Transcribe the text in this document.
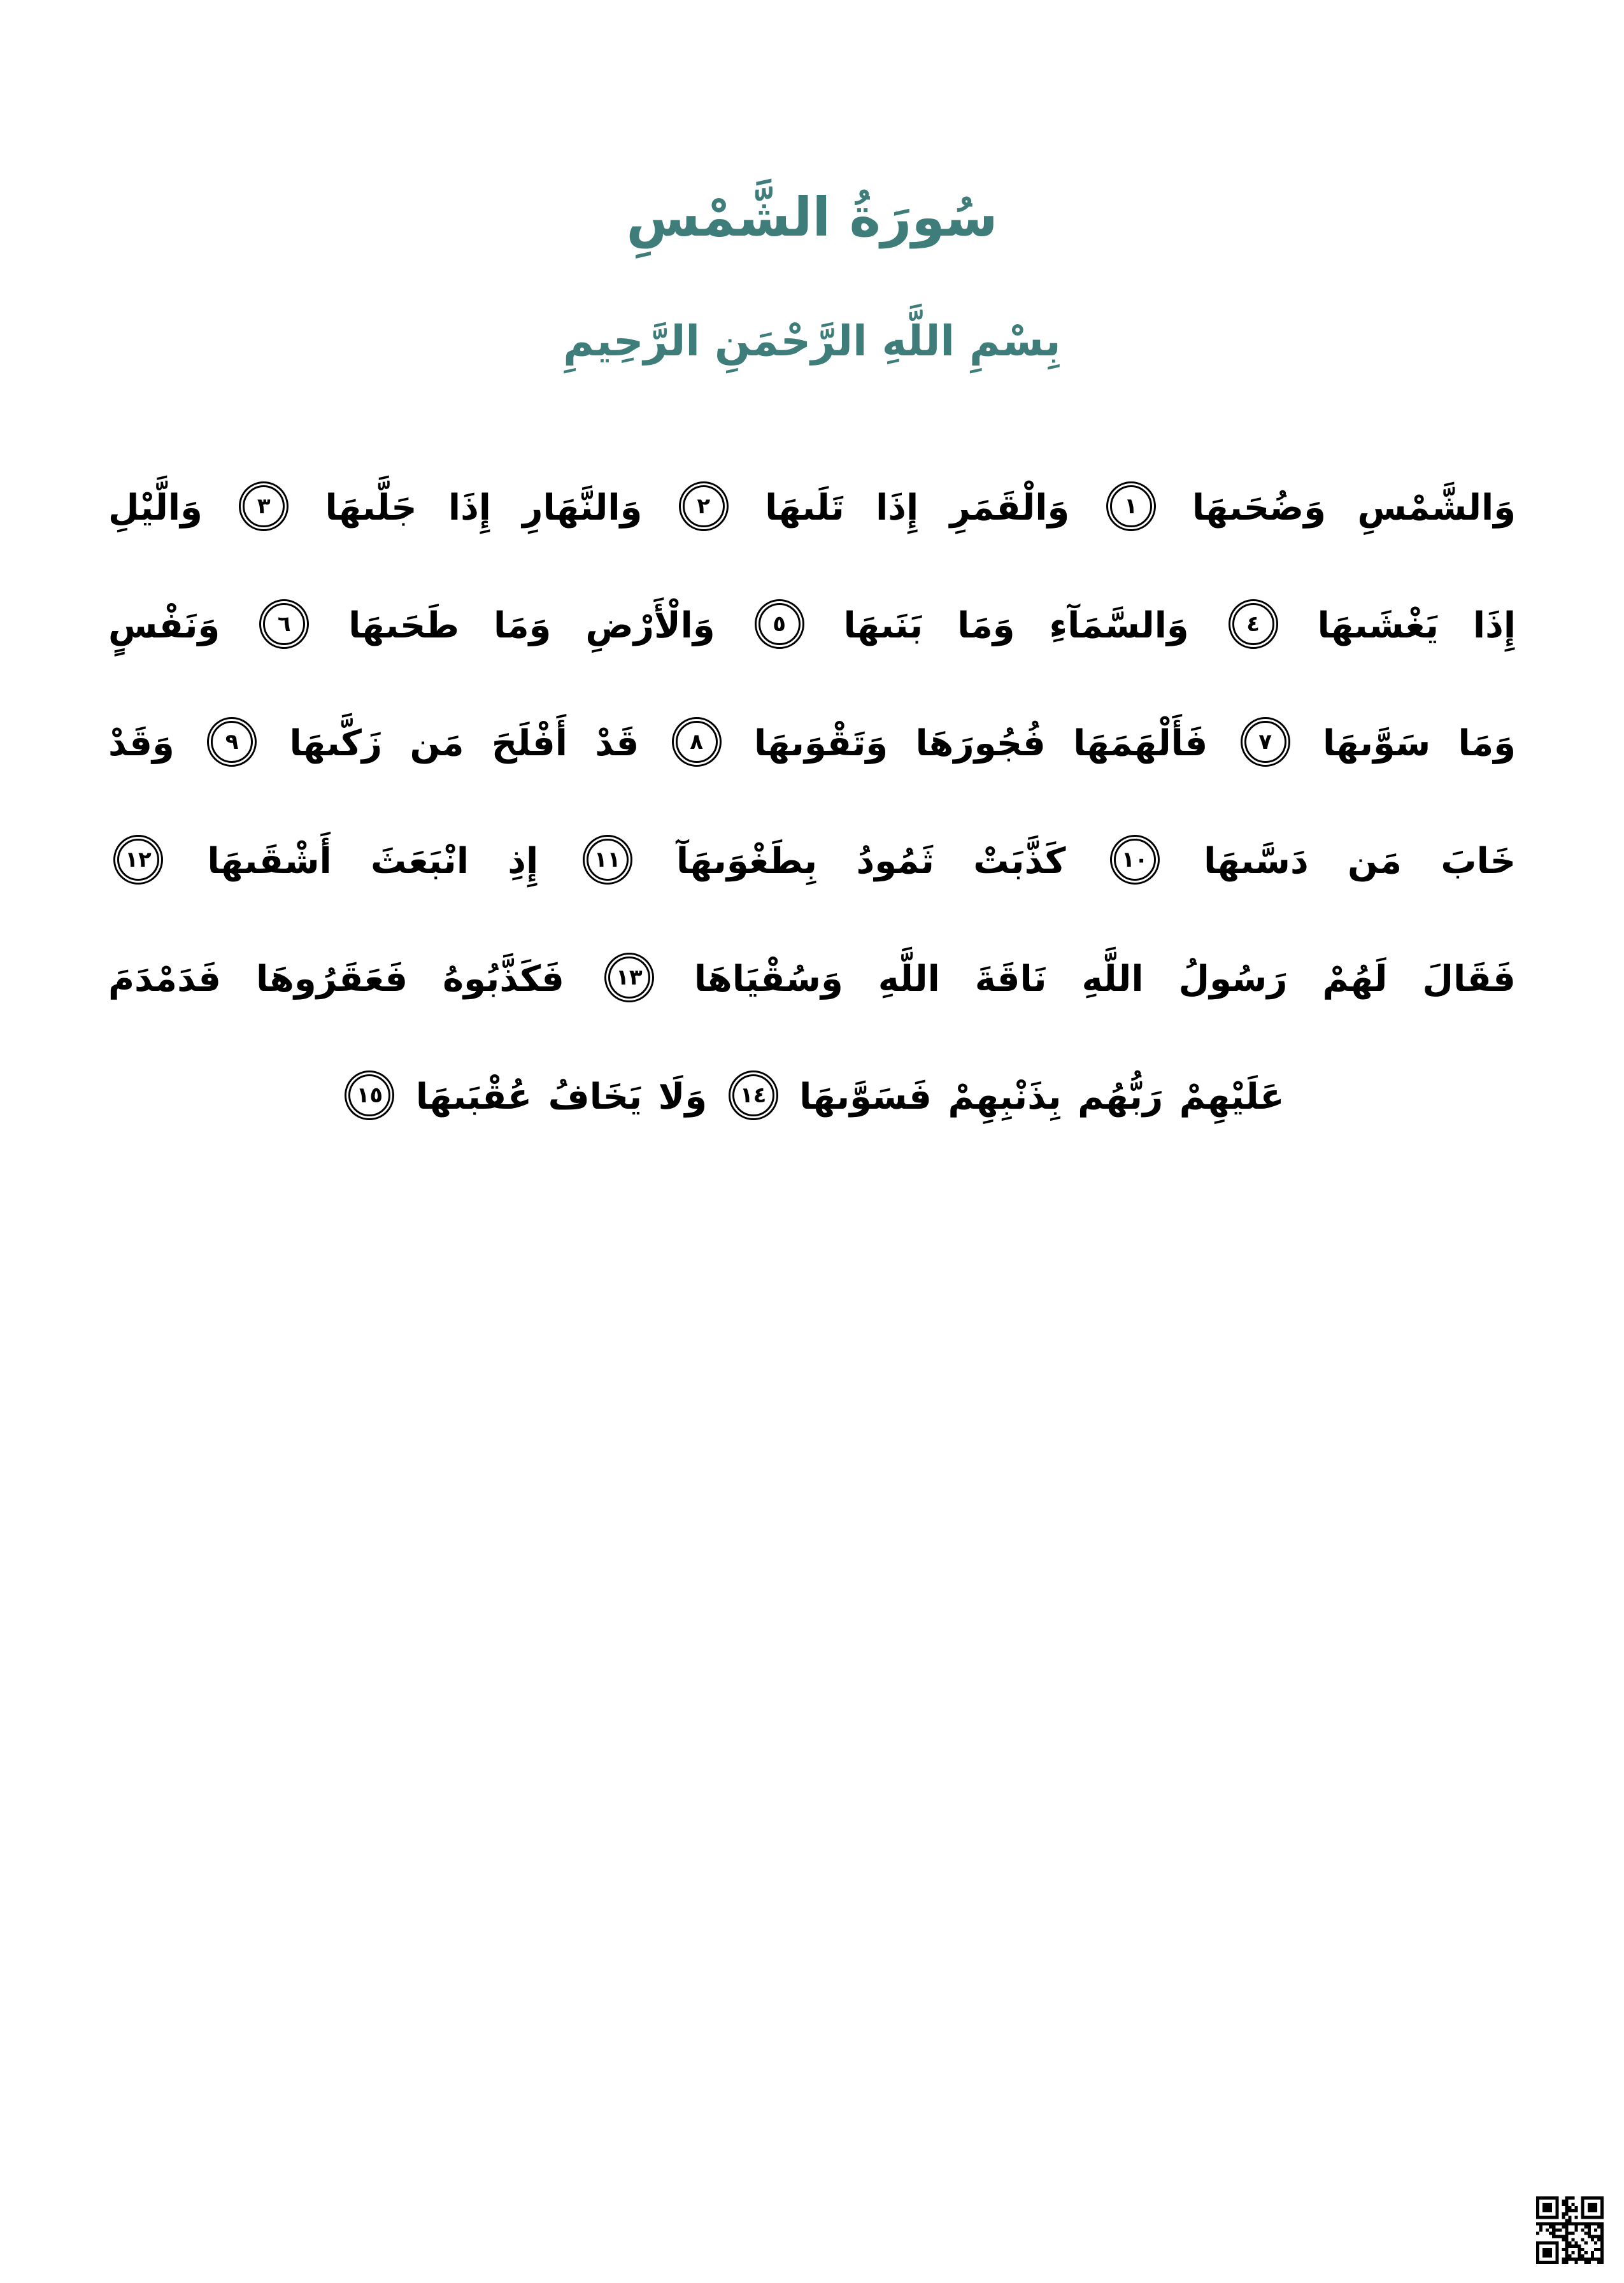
سُورَةُ الشَّمْسِ
بِسْمِ اللَّهِ الرَّحْمَنِ الرَّحِيمِ
وَالشَّمْسِ وَضُحَىهَا ١ وَالْقَمَرِ إِذَا تَلَىهَا ٢ وَالنَّهَارِ إِذَا جَلَّىهَا ٣ وَالَّيْلِ
إِذَا يَغْشَىهَا ٤ وَالسَّمَآءِ وَمَا بَنَىهَا ٥ وَالْأَرْضِ وَمَا طَحَىهَا ٦ وَنَفْسٍ
وَمَا سَوَّىهَا ٧ فَأَلْهَمَهَا فُجُورَهَا وَتَقْوَىهَا ٨ قَدْ أَفْلَحَ مَن زَكَّىهَا ٩ وَقَدْ
خَابَ مَن دَسَّىهَا ١٠ كَذَّبَتْ ثَمُودُ بِطَغْوَىهَآ ١١ إِذِ انْبَعَثَ أَشْقَىهَا ١٢
فَقَالَ لَهُمْ رَسُولُ اللَّهِ نَاقَةَ اللَّهِ وَسُقْيَاهَا ١٣ فَكَذَّبُوهُ فَعَقَرُوهَا فَدَمْدَمَ
عَلَيْهِمْ رَبُّهُم بِذَنْبِهِمْ فَسَوَّىهَا ١٤ وَلَا يَخَافُ عُقْبَىهَا ١٥
